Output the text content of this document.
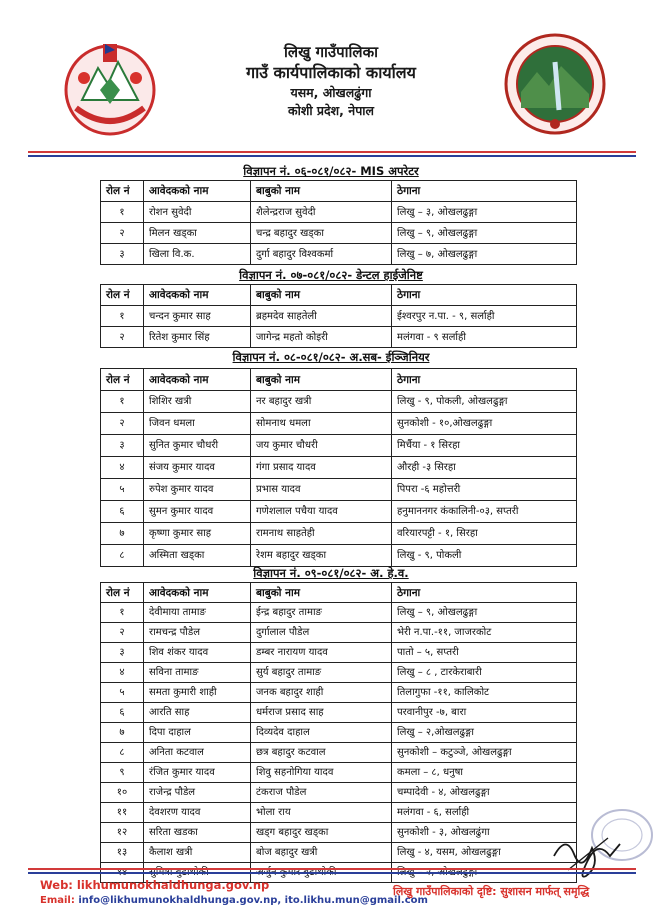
लिखु गाउँपालिका
गाउँ कार्यपालिकाको कार्यालय
यसम, ओखलढुंगा
कोशी प्रदेश, नेपाल
विज्ञापन नं. ०६-०८१/०८२- MIS अपरेटर
रोल नं	आवेदकको नाम	बाबुको नाम	ठेगाना
१	रोशन सुवेदी	शैलेन्द्रराज सुवेदी	लिखु – ३, ओखलढुङ्गा
२	मिलन खड्का	चन्द्र बहादुर खड्का	लिखु – ९, ओखलढुङ्गा
३	खिला वि.क.	दुर्गा बहादुर विश्वकर्मा	लिखु – ७, ओखलढुङ्गा
विज्ञापन नं. ०७-०८१/०८२- डेन्टल हाईजेनिष्ट
रोल नं	आवेदकको नाम	बाबुको नाम	ठेगाना
१	चन्दन कुमार साह	ब्रहमदेव साहतेली	ईश्वरपुर न.पा. - ९, सर्लाही
२	रितेश कुमार सिंह	जागेन्द्र महतो कोइरी	मलंगवा - ९ सर्लाही
विज्ञापन नं. ०८-०८१/०८२- अ.सब- ईञ्जिनियर
रोल नं	आवेदकको नाम	बाबुको नाम	ठेगाना
१	शिशिर खत्री	नर बहादुर खत्री	लिखु - ९, पोकली, ओखलढुङ्गा
२	जिवन धमला	सोमनाथ धमला	सुनकोशी - १०,ओखलढुङ्गा
३	सुनित कुमार चौधरी	जय कुमार चौधरी	मिर्चैया - १ सिरहा
४	संजय कुमार यादव	गंगा प्रसाद यादव	औरही -३ सिरहा
५	रुपेश कुमार यादव	प्रभास यादव	पिपरा -६ महोत्तरी
६	सुमन कुमार यादव	गणेशलाल पचैया यादव	हनुमाननगर कंकालिनी-०३, सप्तरी
७	कृष्णा कुमार साह	रामनाथ साहतेही	वरियारपट्टी - १, सिरहा
८	अस्मिता खड्का	रेशम बहादुर खड्का	लिखु - ९, पोकली
विज्ञापन नं. ०९-०८१/०८२- अ. हे.व.
रोल नं	आवेदकको नाम	बाबुको नाम	ठेगाना
१	देवीमाया तामाङ	ईन्द्र बहादुर तामाङ	लिखु – ९, ओखलढुङ्गा
२	रामचन्द्र पौडेल	दुर्गालाल पौडेल	भेरी न.पा.-११, जाजरकोट
३	शिव शंकर यादव	डम्बर नारायण यादव	पातो – ५, सप्तरी
४	सविना तामाङ	सुर्य बहादुर तामाङ	लिखु – ८ , टारकेराबारी
५	समता कुमारी शाही	जनक बहादुर शाही	तिलागुफा -११, कालिकोट
६	आरति साह	धर्मराज प्रसाद साह	परवानीपुर -७, बारा
७	दिपा दाहाल	दिव्यदेव दाहाल	लिखु – २,ओखलढुङ्गा
८	अनिता कटवाल	छत्र बहादुर कटवाल	सुनकोशी – कटुञ्जे, ओखलढुङ्गा
९	रंजित कुमार यादव	शिवु सहनोगिया यादव	कमला – ८, धनुषा
१०	राजेन्द्र पौडेल	टंकराज पौडेल	चम्पादेवी - ४, ओखलढुङ्गा
११	देवशरण यादव	भोला राय	मलंगवा - ६, सर्लाही
१२	सरिता खडका	खड्ग बहादुर खड्का	सुनकोशी - ३, ओखलढुंगा
१३	कैलाश खत्री	बोज बहादुर खत्री	लिखु - ४, यसम, ओखलढुङ्गा

Web: likhumunokhaldhunga.gov.np
Email: info@likhumunokhaldhunga.gov.np, ito.likhu.mun@gmail.com
लिखु गाउँपालिकाको दृष्टि: सुशासन मार्फत् समृद्धि
